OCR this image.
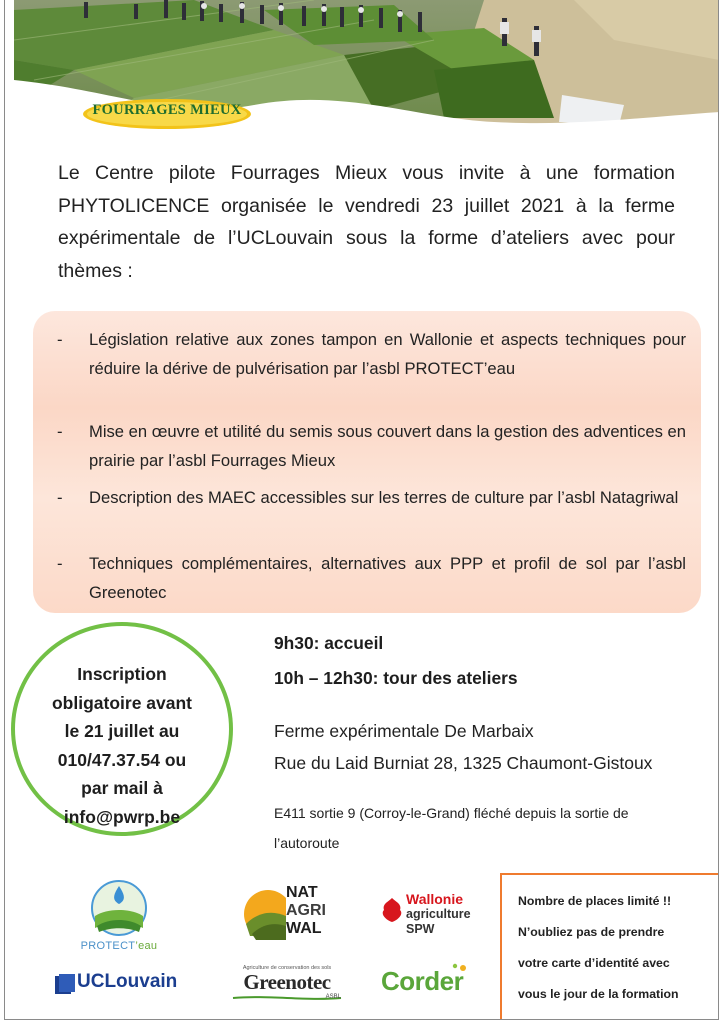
FOURRAGES MIEUX

Le Centre pilote Fourrages Mieux vous invite à une formation PHYTOLICENCE organisée le vendredi 23 juillet 2021 à la ferme expérimentale de l’UCLouvain sous la forme d’ateliers avec pour thèmes :

- Législation relative aux zones tampon en Wallonie et aspects techniques pour réduire la dérive de pulvérisation par l’asbl PROTECT’eau
- Mise en œuvre et utilité du semis sous couvert dans la gestion des adventices en prairie par l’asbl Fourrages Mieux
- Description des MAEC accessibles sur les terres de culture par l’asbl Natagriwal
- Techniques complémentaires, alternatives aux PPP et profil de sol par l’asbl Greenotec
Inscription
obligatoire avant
le 21 juillet au
010/47.37.54 ou
par mail à
info@pwrp.be
9h30: accueil
10h – 12h30: tour des ateliers
Ferme expérimentale De Marbaix
Rue du Laid Burniat 28, 1325 Chaumont-Gistoux
E411 sortie 9 (Corroy-le-Grand) fléché depuis la sortie de l’autoroute
PROTECT’eau
NAT
AGRI
WAL
Wallonie
agriculture
SPW
UCLouvain
Agriculture de conservation des sols
Greenotec
ASBL
Corder
Nombre de places limité !!
N’oubliez pas de prendre
votre carte d’identité avec
vous le jour de la formation
